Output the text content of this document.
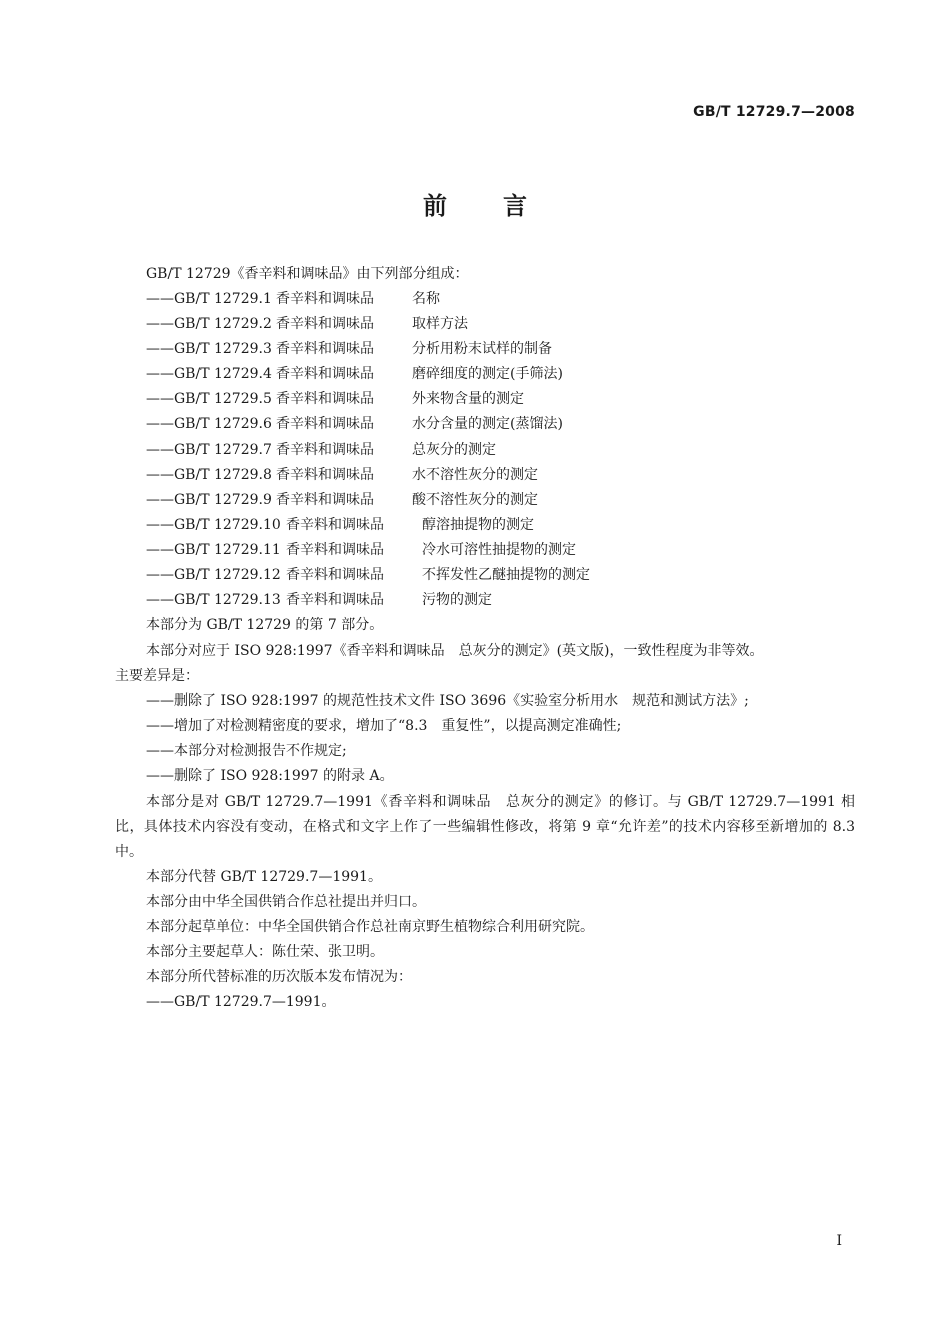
GB/T 12729.7—2008
前 言
GB/T 12729《香辛料和调味品》由下列部分组成：
——GB/T 12729.1 香辛料和调味品	名称
——GB/T 12729.2 香辛料和调味品	取样方法
——GB/T 12729.3 香辛料和调味品	分析用粉末试样的制备
——GB/T 12729.4 香辛料和调味品	磨碎细度的测定(手筛法)
——GB/T 12729.5 香辛料和调味品	外来物含量的测定
——GB/T 12729.6 香辛料和调味品	水分含量的测定(蒸馏法)
——GB/T 12729.7 香辛料和调味品	总灰分的测定
——GB/T 12729.8 香辛料和调味品	水不溶性灰分的测定
——GB/T 12729.9 香辛料和调味品	酸不溶性灰分的测定
——GB/T 12729.10 香辛料和调味品	醇溶抽提物的测定
——GB/T 12729.11 香辛料和调味品	冷水可溶性抽提物的测定
——GB/T 12729.12 香辛料和调味品	不挥发性乙醚抽提物的测定
——GB/T 12729.13 香辛料和调味品	污物的测定
本部分为 GB/T 12729 的第 7 部分。
本部分对应于 ISO 928:1997《香辛料和调味品　总灰分的测定》(英文版)，一致性程度为非等效。
主要差异是：
——删除了 ISO 928:1997 的规范性技术文件 ISO 3696《实验室分析用水　规范和测试方法》;
——增加了对检测精密度的要求，增加了“8.3　重复性”，以提高测定准确性;
——本部分对检测报告不作规定;
——删除了 ISO 928:1997 的附录 A。
本部分是对 GB/T 12729.7—1991《香辛料和调味品　总灰分的测定》的修订。与 GB/T 12729.7—1991 相比，具体技术内容没有变动，在格式和文字上作了一些编辑性修改，将第 9 章“允许差”的技术内容移至新增加的 8.3 中。
本部分代替 GB/T 12729.7—1991。
本部分由中华全国供销合作总社提出并归口。
本部分起草单位：中华全国供销合作总社南京野生植物综合利用研究院。
本部分主要起草人：陈仕荣、张卫明。
本部分所代替标准的历次版本发布情况为：
——GB/T 12729.7—1991。
I
